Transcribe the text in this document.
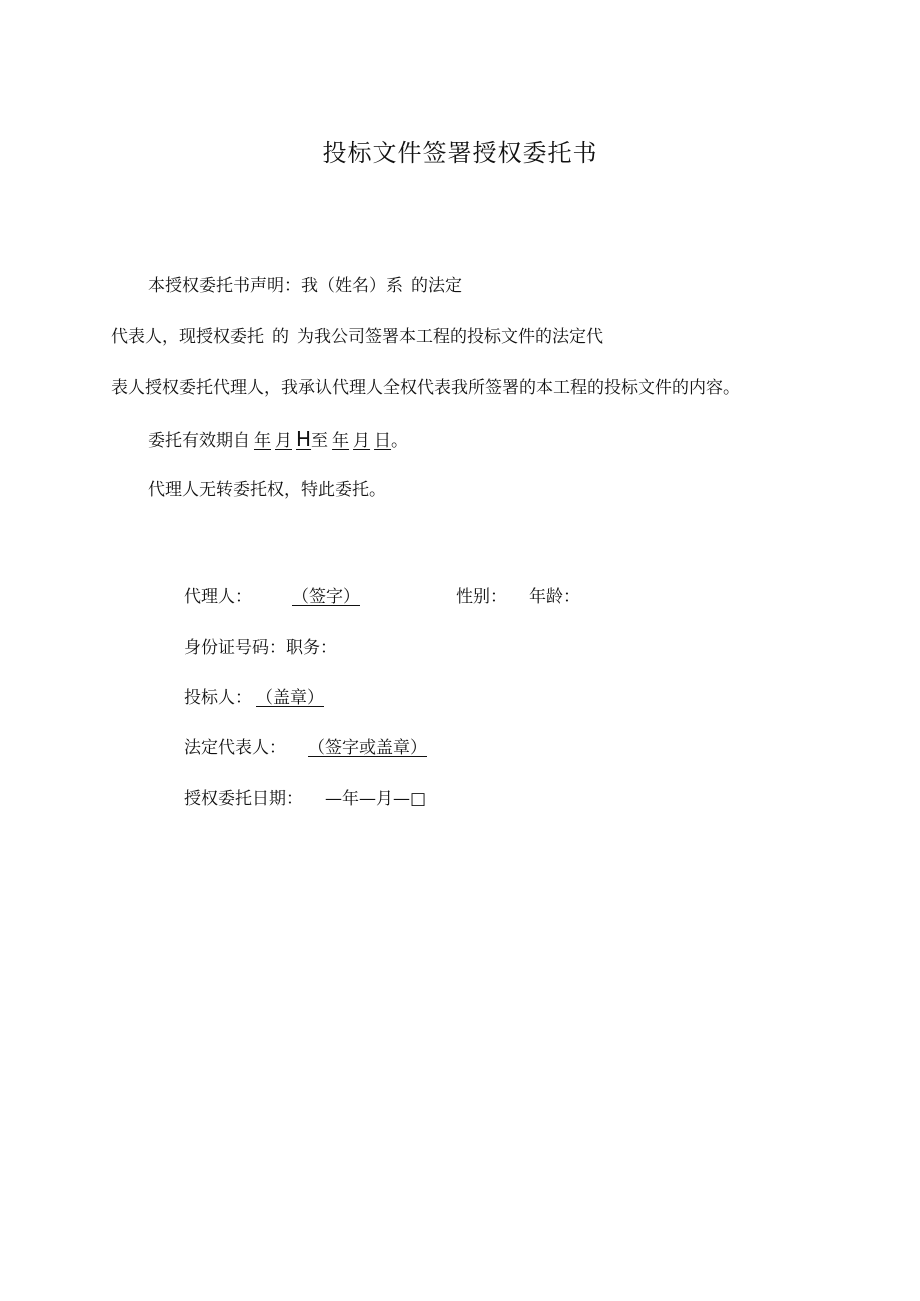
投标文件签署授权委托书
本授权委托书声明：我（姓名）系 的法定
代表人，现授权委托 的 为我公司签署本工程的投标文件的法定代
表人授权委托代理人，我承认代理人全权代表我所签署的本工程的投标文件的内容。
委托有效期自 年 月 H至 年 月 日。
代理人无转委托权，特此委托。
代理人： （签字）	性别： 年龄：
身份证号码：职务：
投标人： （盖章）
法定代表人： （签字或盖章）
授权委托日期： —年—月—□
